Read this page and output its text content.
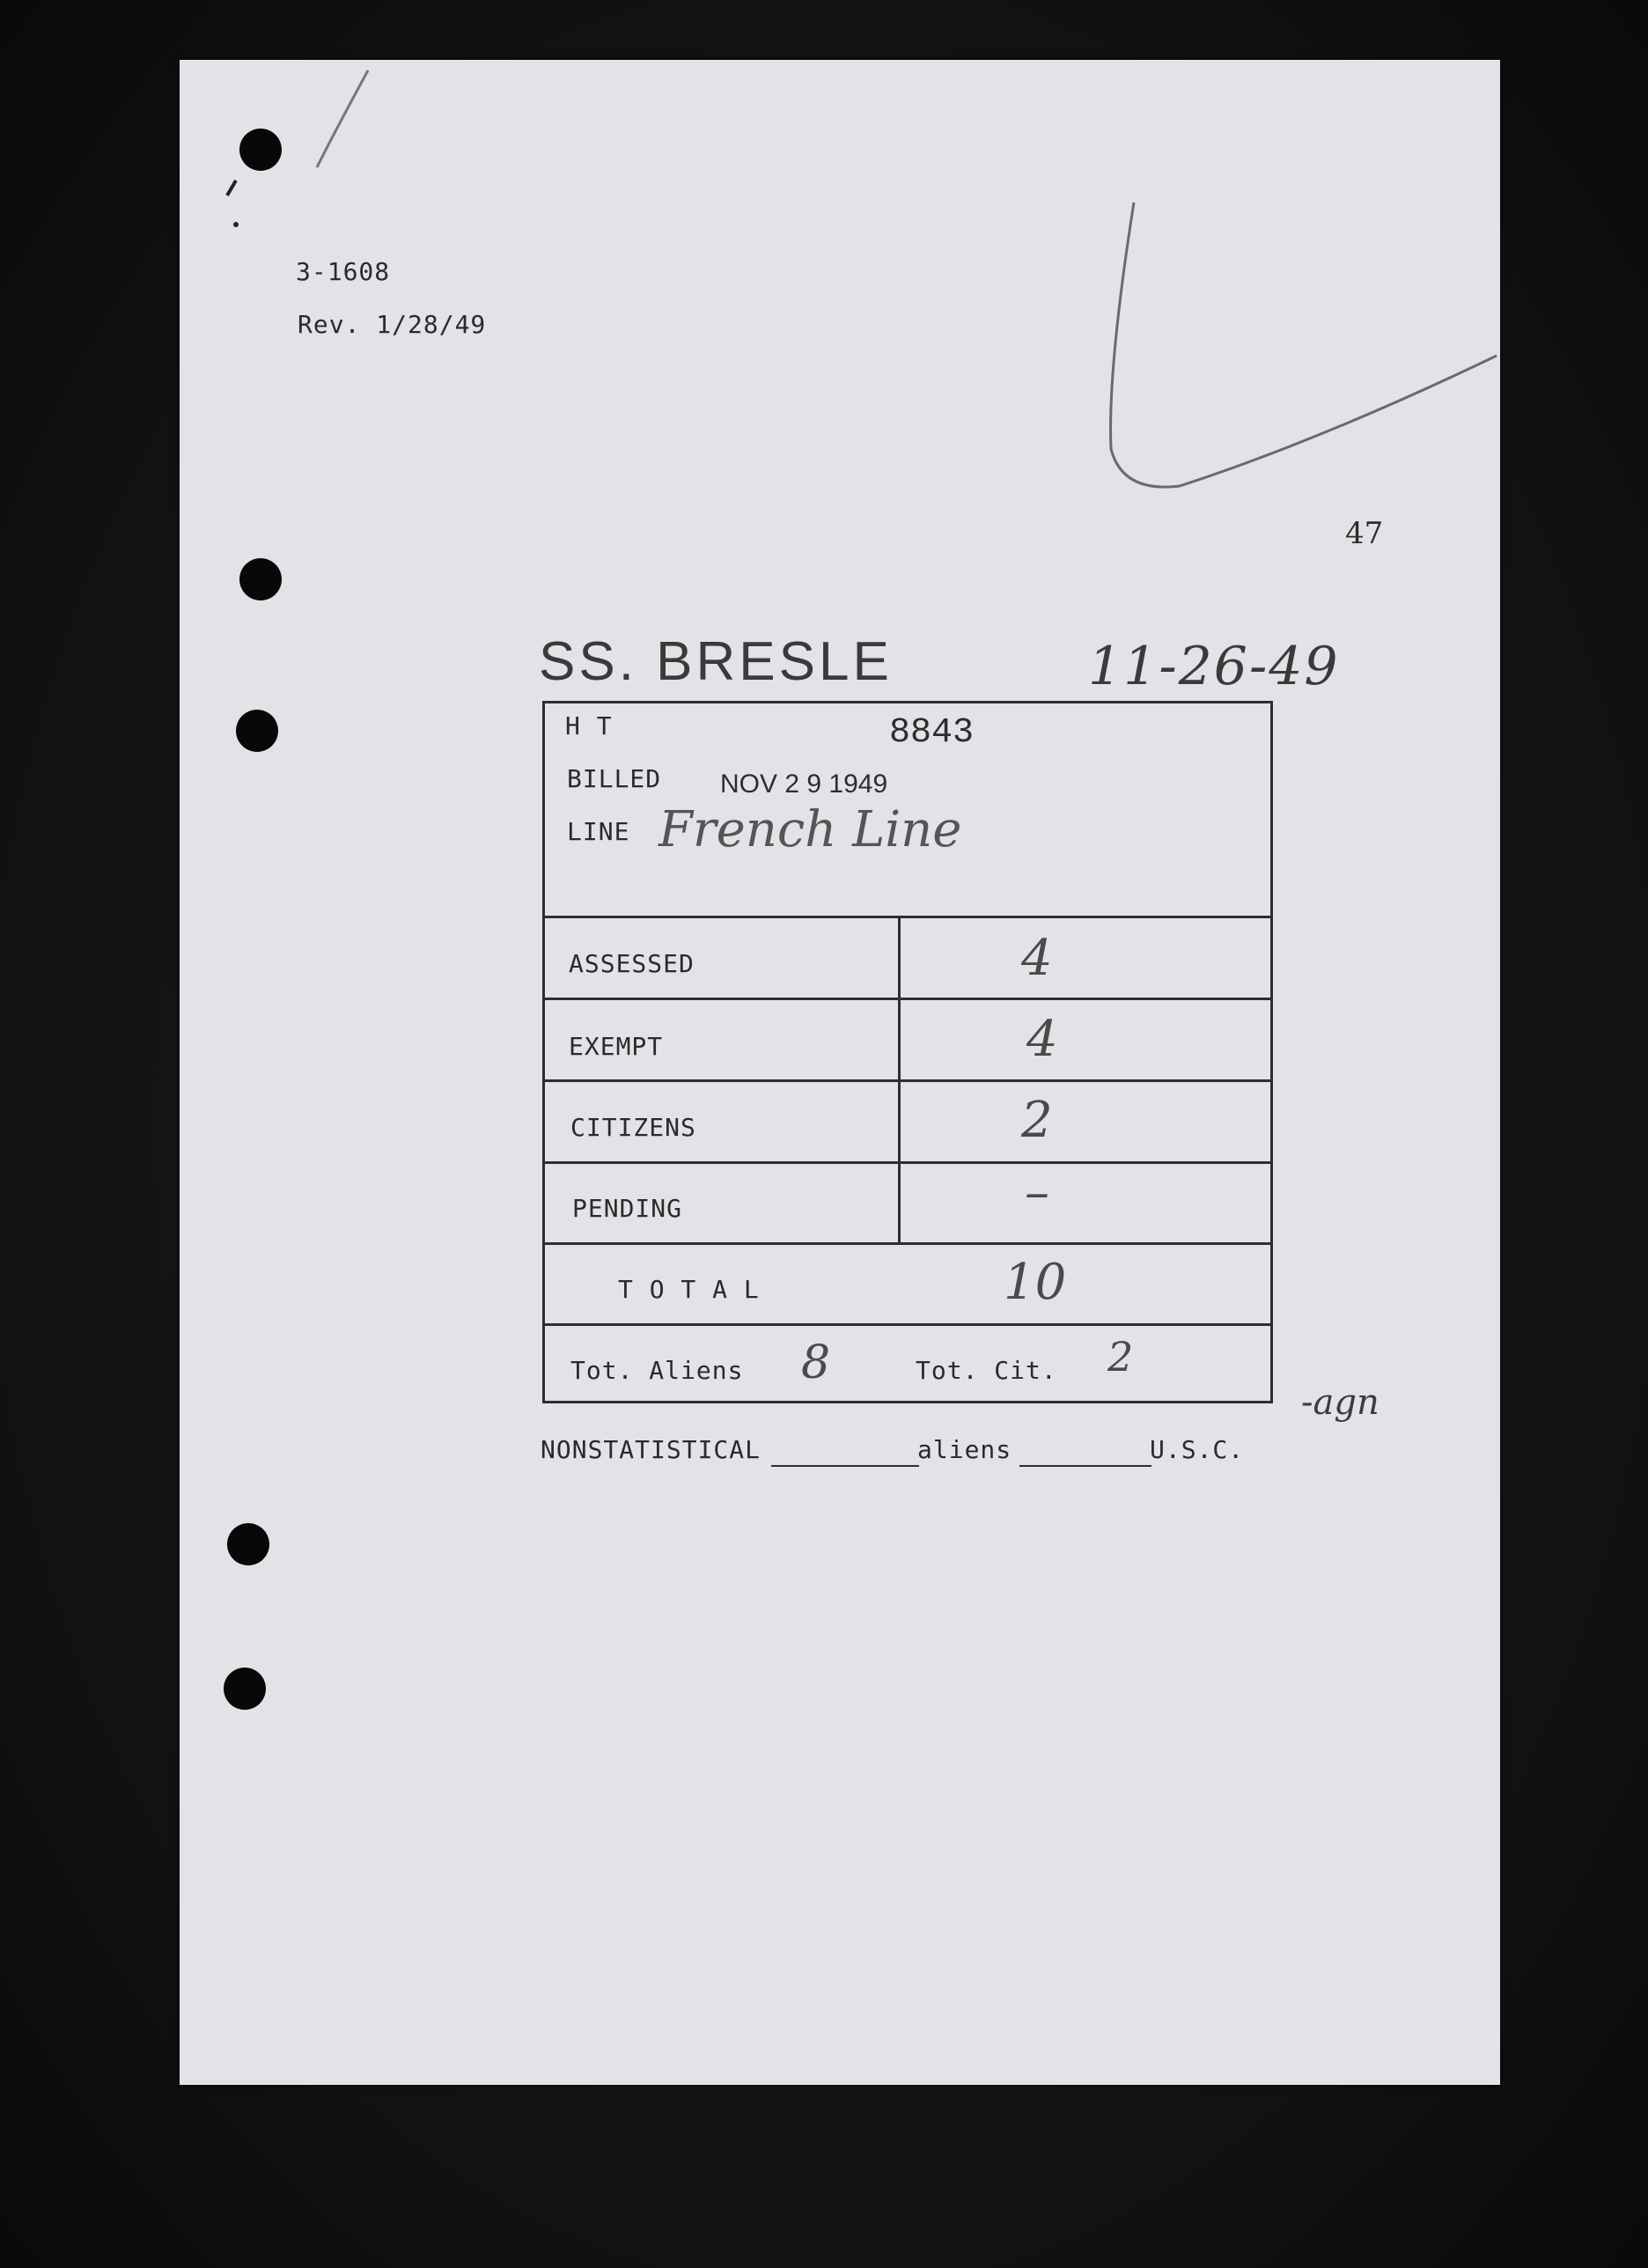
3-1608
Rev. 1/28/49
47
SS. BRESLE	11-26-49
H T	8843
BILLED NOV 2 9 1949
LINE French Line
ASSESSED	4
EXEMPT	4
CITIZENS	2
PENDING	–
T O T A L	10
Tot. Aliens 8	Tot. Cit. 2
-agn
NONSTATISTICAL	aliens	U.S.C.
